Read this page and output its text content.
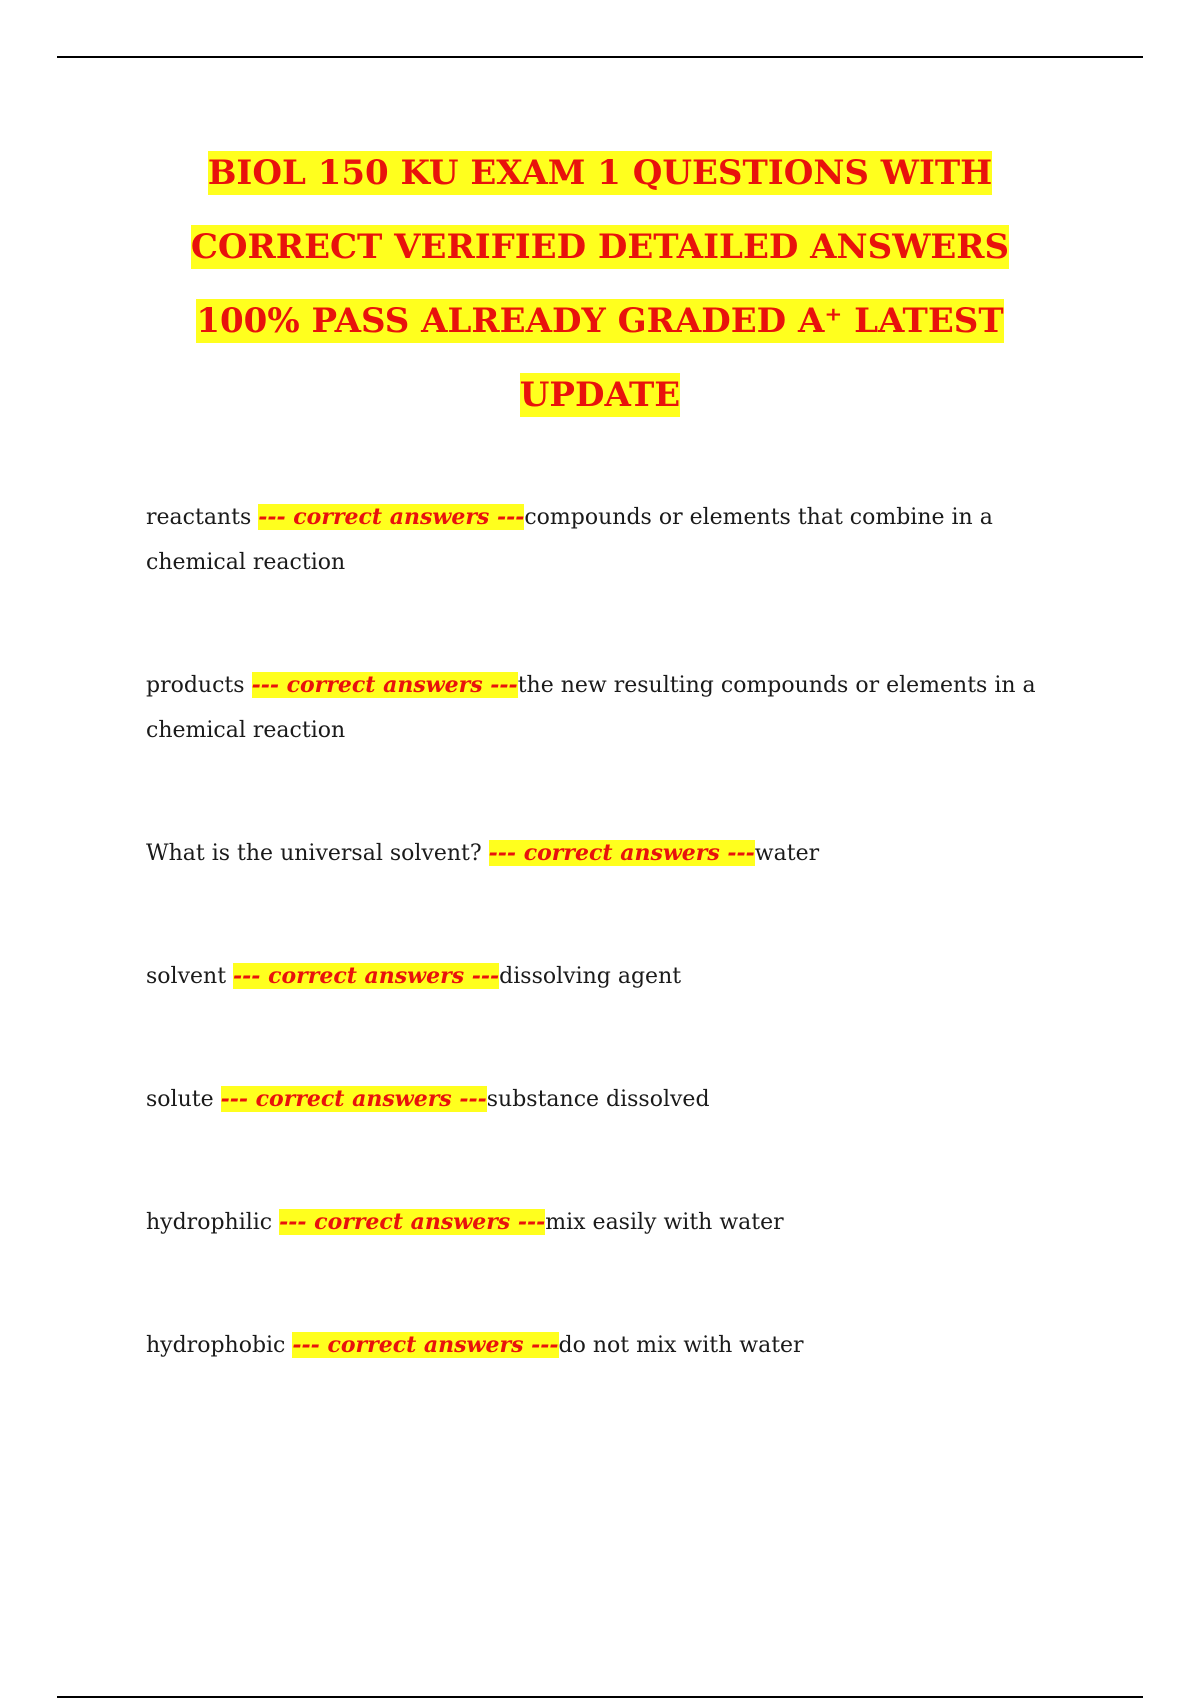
BIOL 150 KU EXAM 1 QUESTIONS WITH
CORRECT VERIFIED DETAILED ANSWERS
100% PASS ALREADY GRADED A⁺ LATEST
UPDATE
reactants --- correct answers ---compounds or elements that combine in a chemical reaction
products --- correct answers ---the new resulting compounds or elements in a chemical reaction
What is the universal solvent? --- correct answers ---water
solvent --- correct answers ---dissolving agent
solute --- correct answers ---substance dissolved
hydrophilic --- correct answers ---mix easily with water
hydrophobic --- correct answers ---do not mix with water
